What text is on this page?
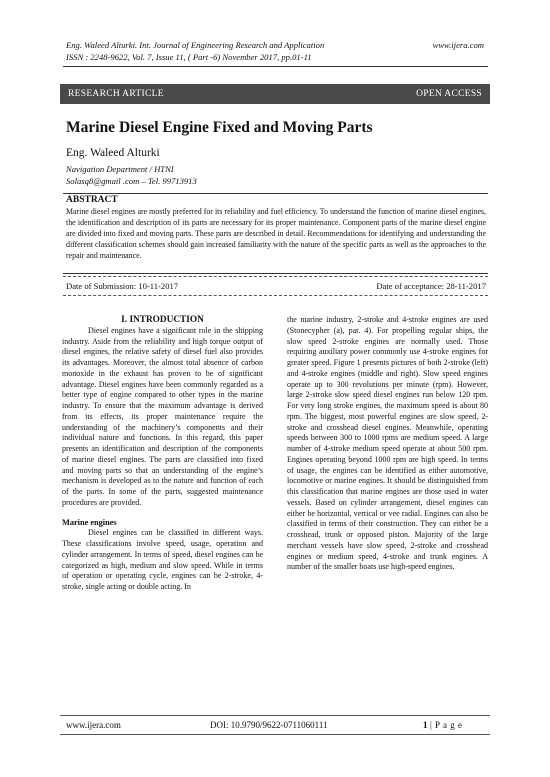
Eng. Waleed Alturki. Int. Journal of Engineering Research and Application	www.ijera.com
ISSN : 2248-9622, Vol. 7, Issue 11, ( Part -6) November 2017, pp.01-11
RESEARCH ARTICLE	OPEN ACCESS
Marine Diesel Engine Fixed and Moving Parts
Eng. Waleed Alturki
Navigation Department / HTNI
Solasq8@gmail .com – Tel. 99713913
ABSTRACT
Marine diesel engines are mostly preferred for its reliability and fuel efficiency. To understand the function of marine diesel engines, the identification and description of its parts are necessary for its proper maintenance. Component parts of the marine diesel engine are divided into fixed and moving parts. These parts are described in detail. Recommendations for identifying and understanding the different classification schemes should gain increased familiarity with the nature of the specific parts as well as the approaches to the repair and maintenance.
Date of Submission: 10-11-2017	Date of acceptance: 28-11-2017

I. INTRODUCTION

Diesel engines have a significant role in the shipping industry. Aside from the reliability and high torque output of diesel engines, the relative safety of diesel fuel also provides its advantages. Moreover, the almost total absence of carbon monoxide in the exhaust has proven to be of significant advantage. Diesel engines have been commonly regarded as a better type of engine compared to other types in the marine industry. To ensure that the maximum advantage is derived from its effects, its proper maintenance require the understanding of the machinery’s components and their individual nature and functions. In this regard, this paper presents an identification and description of the components of marine diesel engines. The parts are classified into fixed and moving parts so that an understanding of the engine’s mechanism is developed as to the nature and function of each of the parts. In some of the parts, suggested maintenance procedures are provided.

Marine engines

Diesel engines can be classified in different ways. These classifications involve speed, usage, operation and cylinder arrangement. In terms of speed, diesel engines can be categorized as high, medium and slow speed. While in terms of operation or operating cycle, engines can be 2-stroke, 4-stroke, single acting or double acting. In

the marine industry, 2-stroke and 4-stroke engines are used (Stonecypher (a), par. 4). For propelling regular ships, the slow speed 2-stroke engines are normally used. Those requiring auxiliary power commonly use 4-stroke engines for greater speed. Figure 1 presents pictures of both 2-stroke (left) and 4-stroke engines (middle and right). Slow speed engines operate up to 300 revolutions per minute (rpm). However, large 2-stroke slow speed diesel engines run below 120 rpm. For very long stroke engines, the maximum speed is about 80 rpm. The biggest, most powerful engines are slow speed, 2-stroke and crosshead diesel engines. Meanwhile, operating speeds between 300 to 1000 rpms are medium speed. A large number of 4-stroke medium speed operate at about 500 rpm. Engines operating beyond 1000 rpm are high speed. In terms of usage, the engines can be identified as either automotive, locomotive or marine engines. It should be distinguished from this classification that marine engines are those used in water vessels. Based on cylinder arrangement, diesel engines can either be horizontal, vertical or vee radial. Engines can also be classified in terms of their construction. They can either be a crosshead, trunk or opposed piston. Majority of the large merchant vessels have slow speed, 2-stroke and crosshead engines or medium speed, 4-stroke and trunk engines. A number of the smaller boats use high-speed engines.

www.ijera.com	DOI: 10.9790/9622-0711060111	1 | P a g e
